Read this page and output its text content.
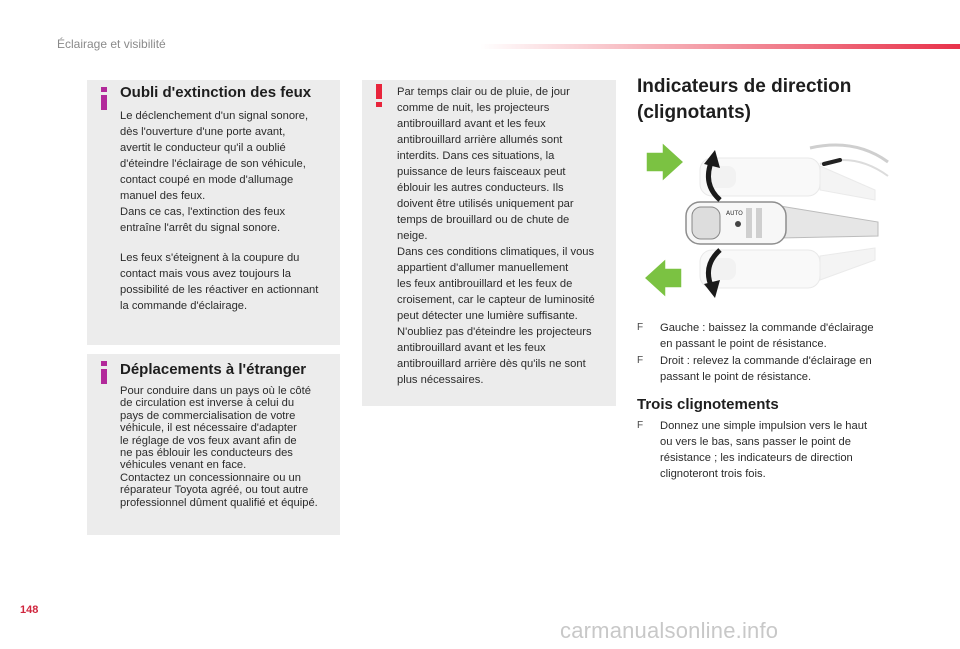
Éclairage et visibilité
Oubli d'extinction des feux
Le déclenchement d'un signal sonore,
dès l'ouverture d'une porte avant,
avertit le conducteur qu'il a oublié
d'éteindre l'éclairage de son véhicule,
contact coupé en mode d'allumage
manuel des feux.
Dans ce cas, l'extinction des feux
entraîne l'arrêt du signal sonore.
Les feux s'éteignent à la coupure du
contact mais vous avez toujours la
possibilité de les réactiver en actionnant
la commande d'éclairage.
Déplacements à l'étranger
Pour conduire dans un pays où le côté
de circulation est inverse à celui du
pays de commercialisation de votre
véhicule, il est nécessaire d'adapter
le réglage de vos feux avant afin de
ne pas éblouir les conducteurs des
véhicules venant en face.
Contactez un concessionnaire ou un
réparateur Toyota agréé, ou tout autre
professionnel dûment qualifié et équipé.
Par temps clair ou de pluie, de jour
comme de nuit, les projecteurs
antibrouillard avant et les feux
antibrouillard arrière allumés sont
interdits. Dans ces situations, la
puissance de leurs faisceaux peut
éblouir les autres conducteurs. Ils
doivent être utilisés uniquement par
temps de brouillard ou de chute de
neige.
Dans ces conditions climatiques, il vous
appartient d'allumer manuellement
les feux antibrouillard et les feux de
croisement, car le capteur de luminosité
peut détecter une lumière suffisante.
N'oubliez pas d'éteindre les projecteurs
antibrouillard avant et les feux
antibrouillard arrière dès qu'ils ne sont
plus nécessaires.
Indicateurs de direction
(clignotants)
AUTO
F Gauche : baissez la commande d'éclairage
en passant le point de résistance.
F Droit : relevez la commande d'éclairage en
passant le point de résistance.
Trois clignotements
F Donnez une simple impulsion vers le haut
ou vers le bas, sans passer le point de
résistance ; les indicateurs de direction
clignoteront trois fois.
148
carmanualsonline.info
